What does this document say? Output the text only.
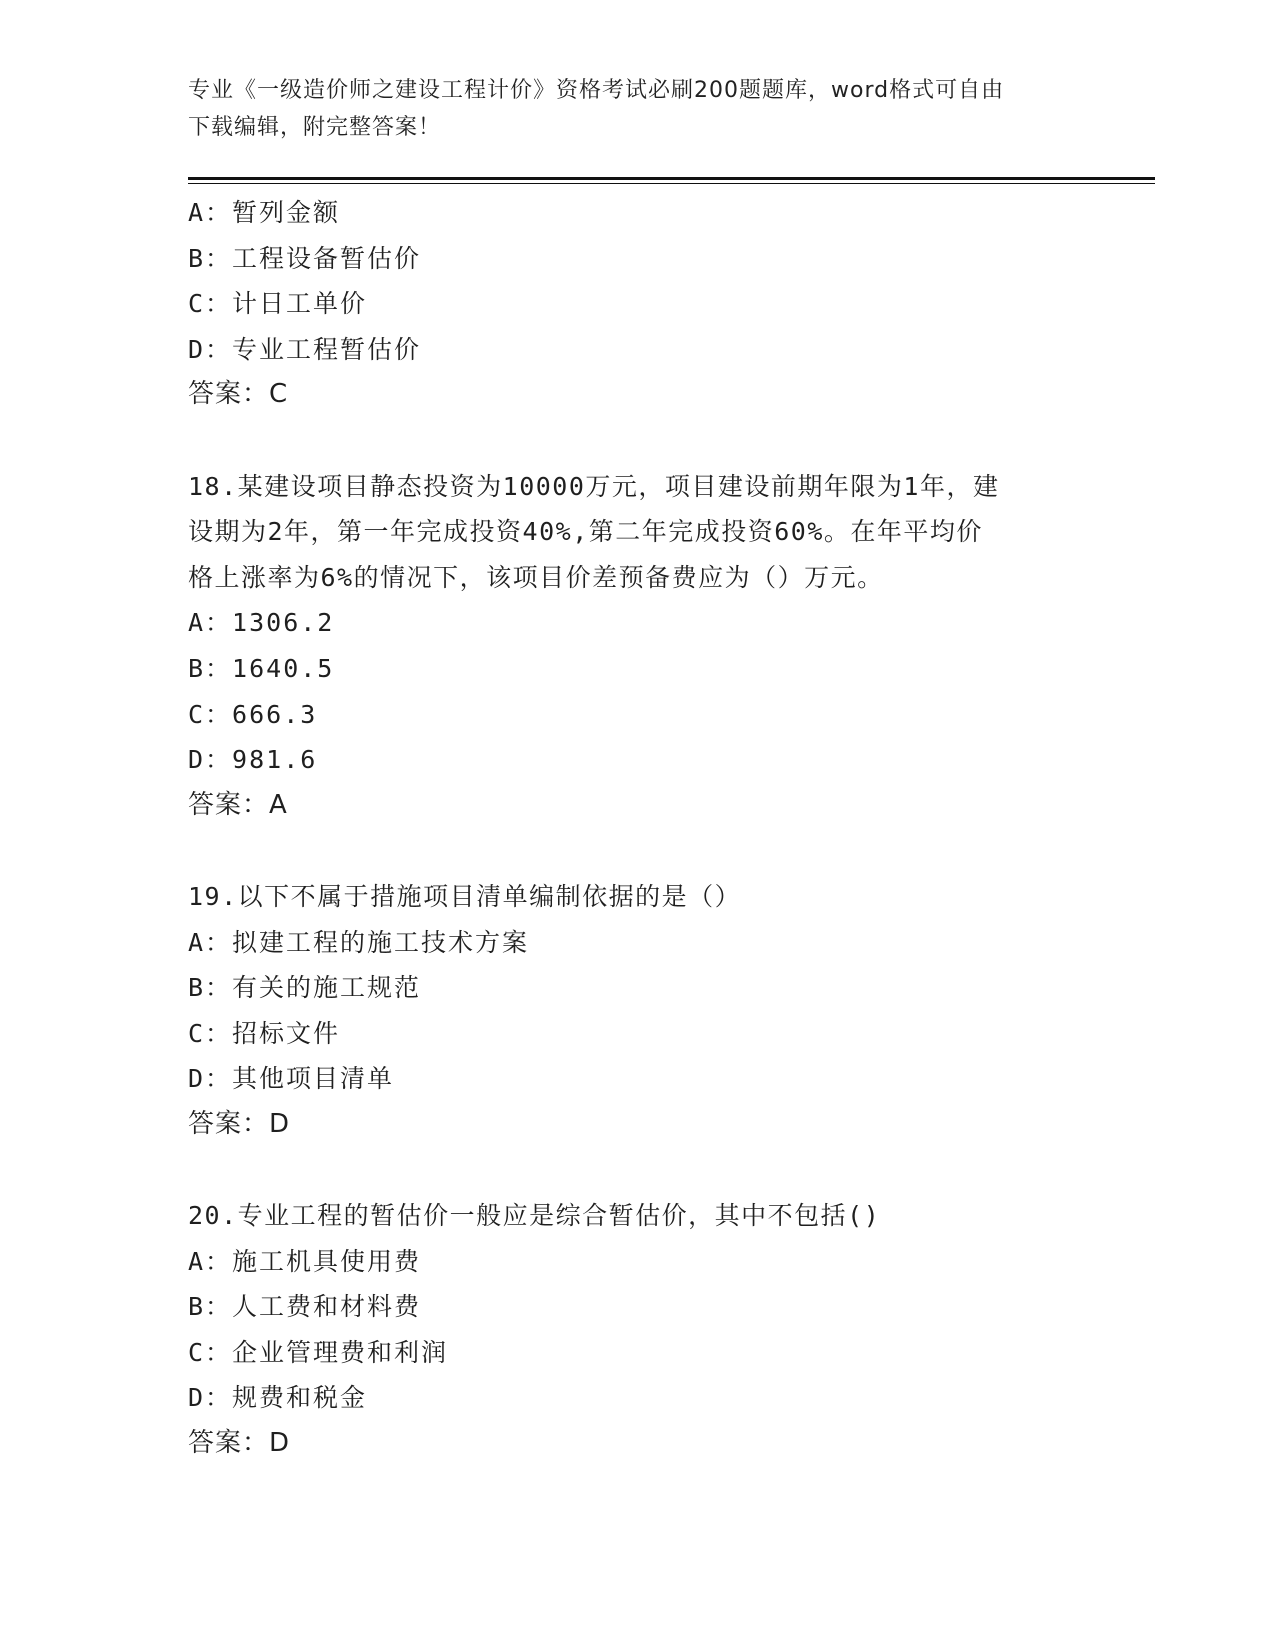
专业《一级造价师之建设工程计价》资格考试必刷200题题库，word格式可自由
下载编辑，附完整答案！
A：暂列金额
B：工程设备暂估价
C：计日工单价
D：专业工程暂估价
答案：C
18.某建设项目静态投资为10000万元，项目建设前期年限为1年，建
设期为2年，第一年完成投资40%,第二年完成投资60%。在年平均价
格上涨率为6%的情况下，该项目价差预备费应为（）万元。
A：1306.2
B：1640.5
C：666.3
D：981.6
答案：A
19.以下不属于措施项目清单编制依据的是（）
A：拟建工程的施工技术方案
B：有关的施工规范
C：招标文件
D：其他项目清单
答案：D
20.专业工程的暂估价一般应是综合暂估价，其中不包括()
A：施工机具使用费
B：人工费和材料费
C：企业管理费和利润
D：规费和税金
答案：D
